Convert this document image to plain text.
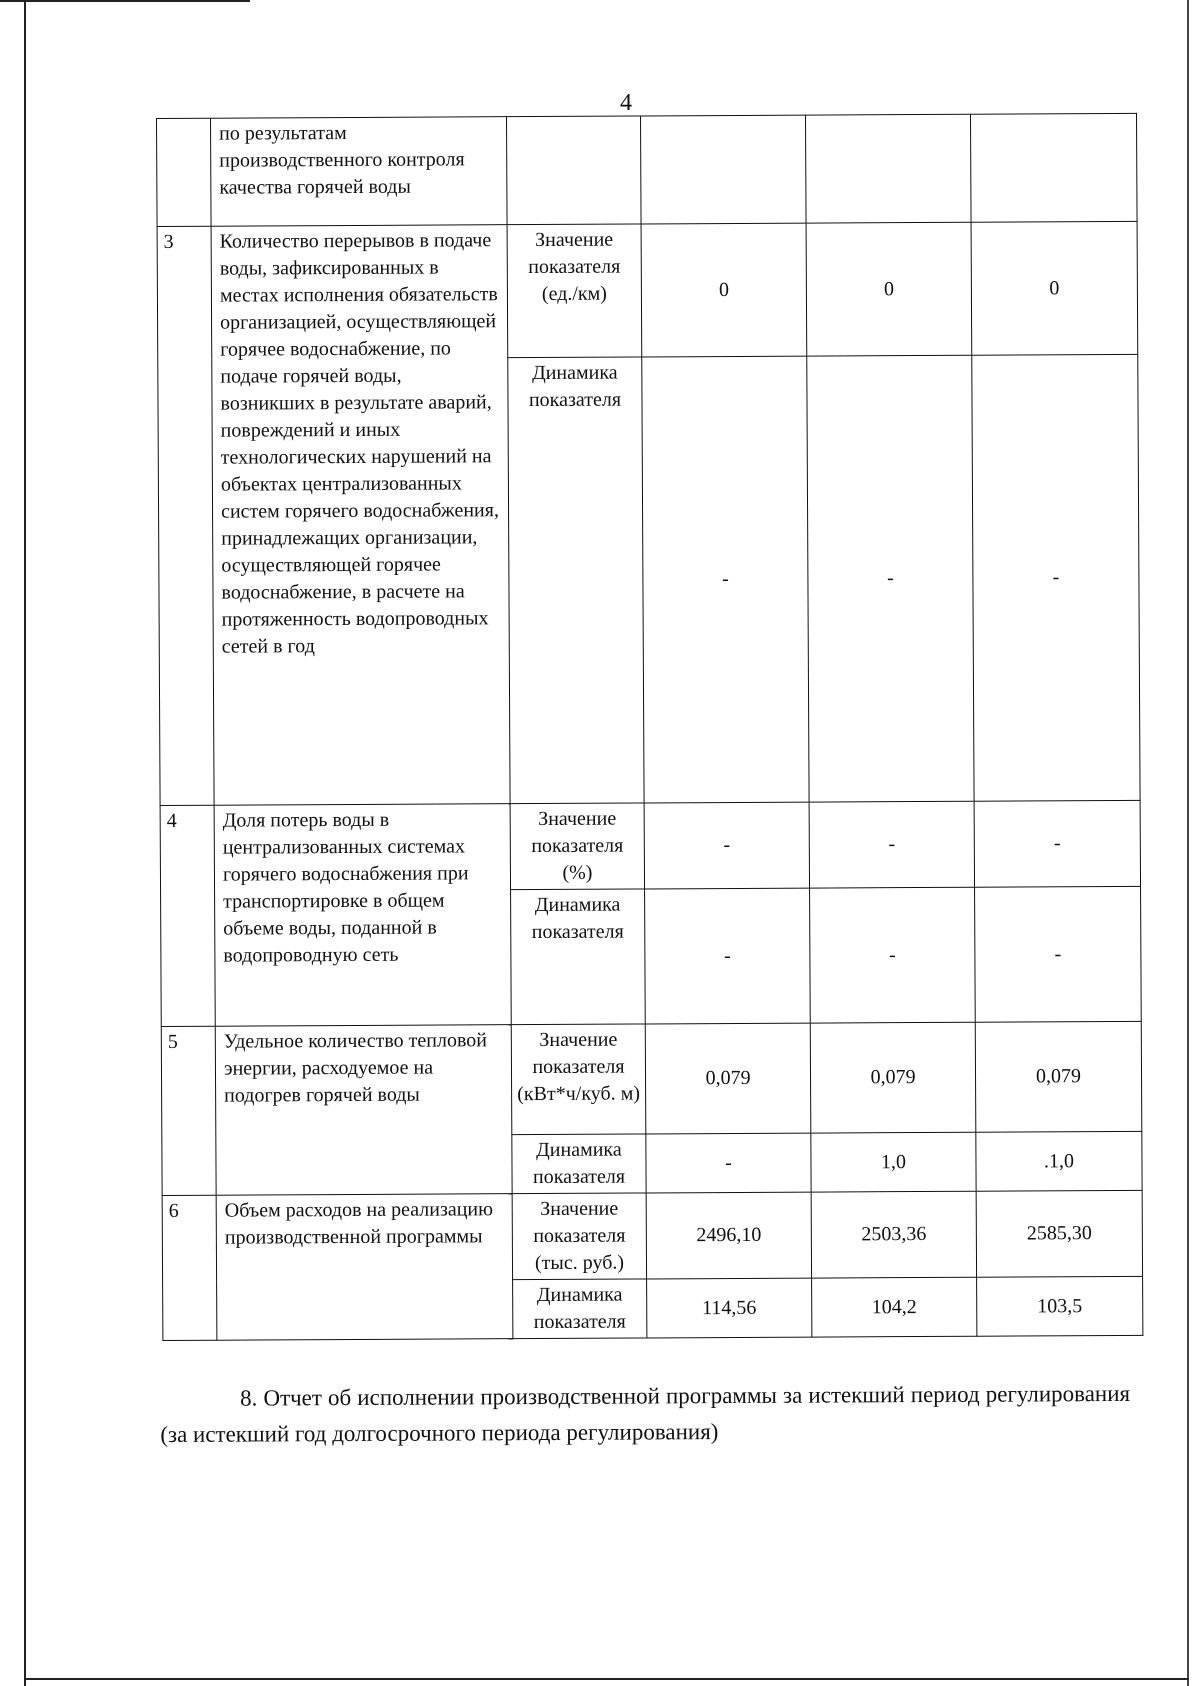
4
	по результатам производственного контроля качества горячей воды				
3	Количество перерывов в подаче воды, зафиксированных в местах исполнения обязательств организацией, осуществляющей горячее водоснабжение, по подаче горячей воды, возникших в результате аварий, повреждений и иных технологических нарушений на объектах централизованных систем горячего водоснабжения, принадлежащих организации, осуществляющей горячее водоснабжение, в расчете на протяженность водопроводных сетей в год	Значение показателя (ед./км)	0	0	0
		Динамика показателя	-	-	-
4	Доля потерь воды в централизованных системах горячего водоснабжения при транспортировке в общем объеме воды, поданной в водопроводную сеть	Значение показателя (%)	-	-	-
		Динамика показателя	-	-	-
5	Удельное количество тепловой энергии, расходуемое на подогрев горячей воды	Значение показателя (кВт*ч/куб. м)	0,079	0,079	0,079
		Динамика показателя	-	1,0	.1,0
6	Объем расходов на реализацию производственной программы	Значение показателя (тыс. руб.)	2496,10	2503,36	2585,30
		Динамика показателя	114,56	104,2	103,5

8. Отчет об исполнении производственной программы за истекший период регулирования (за истекший год долгосрочного периода регулирования)
